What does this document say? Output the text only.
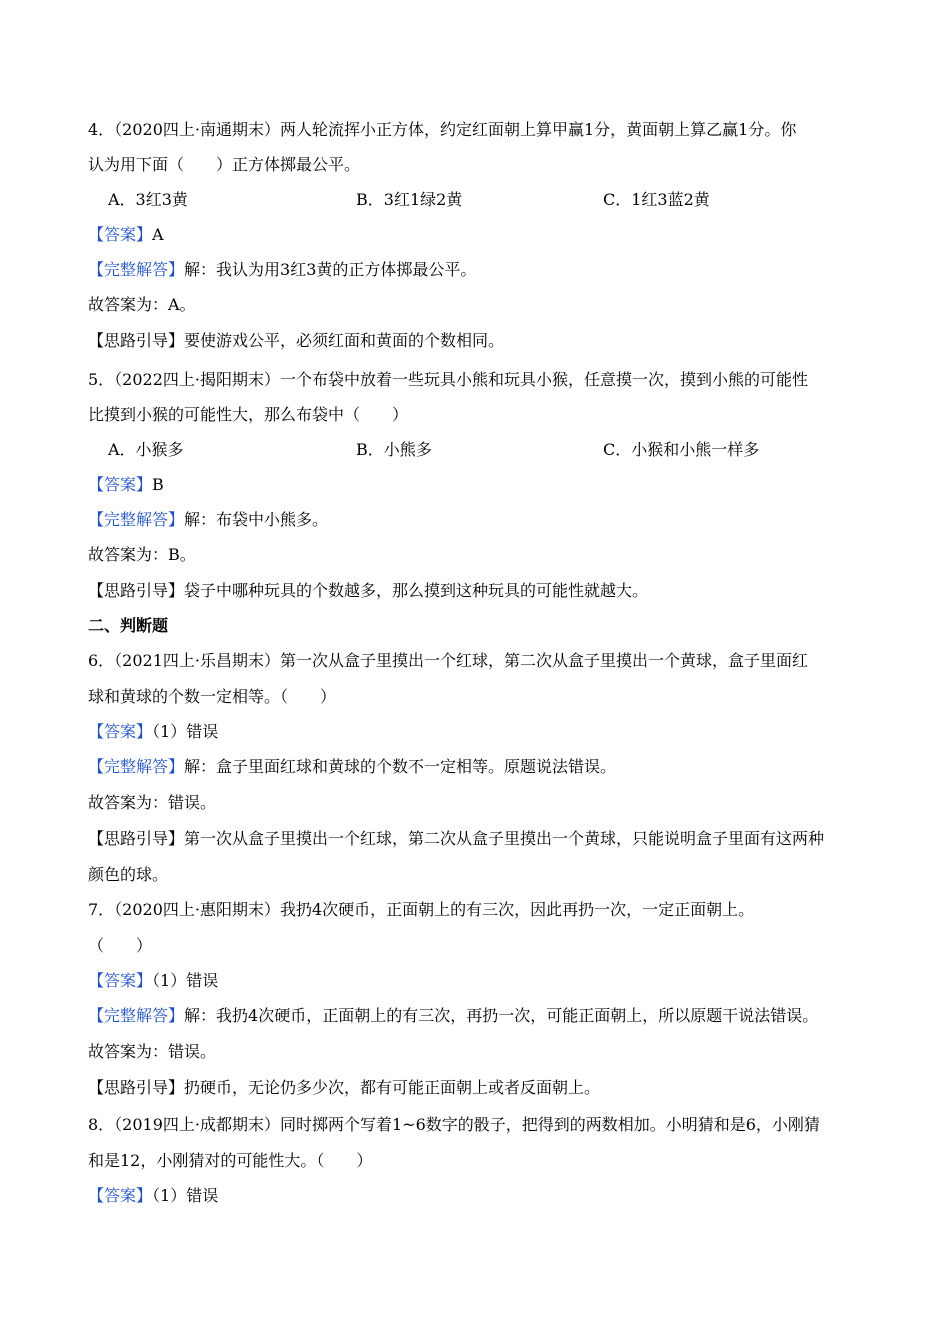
4．（2020四上·南通期末）两人轮流挥小正方体，约定红面朝上算甲赢1分，黄面朝上算乙赢1分。你
认为用下面（　　）正方体掷最公平。
A．3红3黄	B．3红1绿2黄	C．1红3蓝2黄
【答案】A
【完整解答】解：我认为用3红3黄的正方体掷最公平。
故答案为：A。
【思路引导】要使游戏公平，必须红面和黄面的个数相同。
5．（2022四上·揭阳期末）一个布袋中放着一些玩具小熊和玩具小猴，任意摸一次，摸到小熊的可能性
比摸到小猴的可能性大，那么布袋中（　　）
A．小猴多	B．小熊多	C．小猴和小熊一样多
【答案】B
【完整解答】解：布袋中小熊多。
故答案为：B。
【思路引导】袋子中哪种玩具的个数越多，那么摸到这种玩具的可能性就越大。
二、判断题
6．（2021四上·乐昌期末）第一次从盒子里摸出一个红球，第二次从盒子里摸出一个黄球，盒子里面红
球和黄球的个数一定相等。（　　）
【答案】（1）错误
【完整解答】解：盒子里面红球和黄球的个数不一定相等。原题说法错误。
故答案为：错误。
【思路引导】第一次从盒子里摸出一个红球，第二次从盒子里摸出一个黄球，只能说明盒子里面有这两种
颜色的球。
7．（2020四上·惠阳期末）我扔4次硬币，正面朝上的有三次，因此再扔一次，一定正面朝上。
（　　）
【答案】（1）错误
【完整解答】解：我扔4次硬币，正面朝上的有三次，再扔一次，可能正面朝上，所以原题干说法错误。
故答案为：错误。
【思路引导】扔硬币，无论仍多少次，都有可能正面朝上或者反面朝上。
8．（2019四上·成都期末）同时掷两个写着1~6数字的骰子，把得到的两数相加。小明猜和是6，小刚猜
和是12，小刚猜对的可能性大。（　　）
【答案】（1）错误
